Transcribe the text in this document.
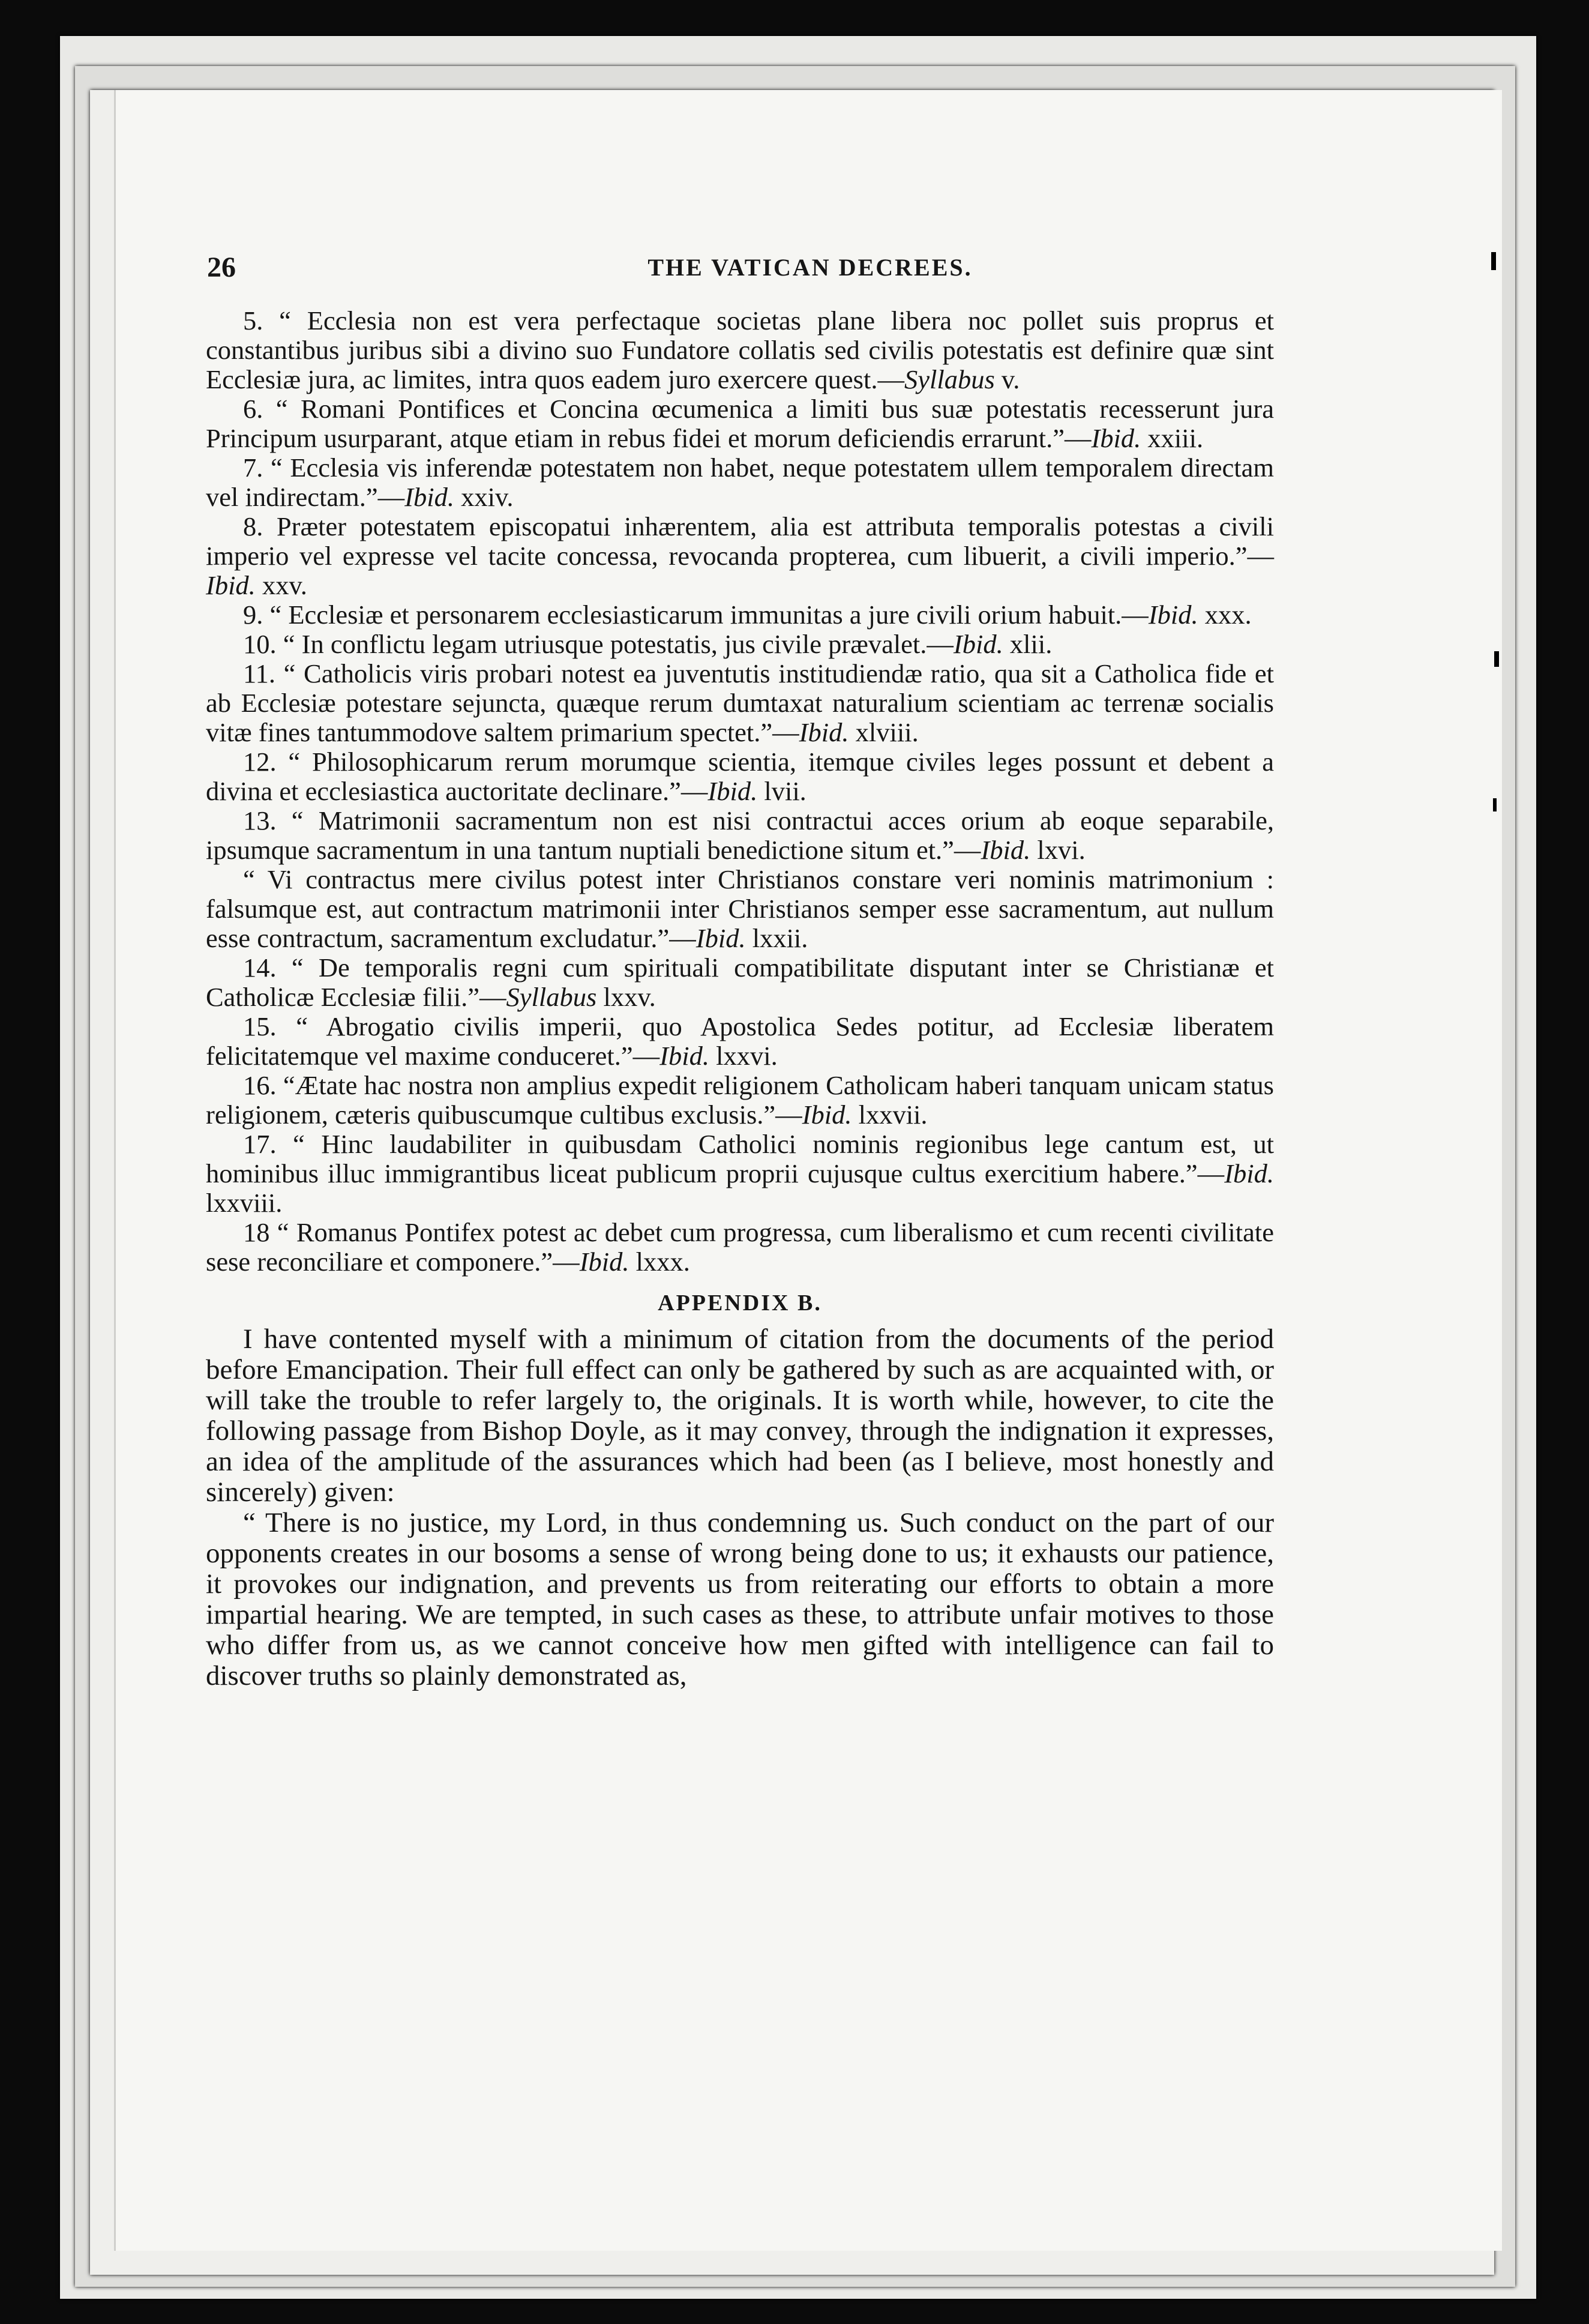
26	THE VATICAN DECREES.

5. “ Ecclesia non est vera perfectaque societas plane libera noc pollet suis proprus et constantibus juribus sibi a divino suo Fundatore collatis sed civilis potestatis est definire quæ sint Ecclesiæ jura, ac limites, intra quos eadem juro exercere quest.—Syllabus v.

6. “ Romani Pontifices et Concina œcumenica a limiti bus suæ potestatis recesserunt jura Principum usurparant, atque etiam in rebus fidei et morum deficiendis errarunt.”—Ibid. xxiii.

7. “ Ecclesia vis inferendæ potestatem non habet, neque potestatem ullem temporalem directam vel indirectam.”—Ibid. xxiv.

8. Præter potestatem episcopatui inhærentem, alia est attributa temporalis potestas a civili imperio vel expresse vel tacite concessa, revocanda propterea, cum libuerit, a civili imperio.”—Ibid. xxv.

9. “ Ecclesiæ et personarem ecclesiasticarum immunitas a jure civili orium habuit.—Ibid. xxx.

10. “ In conflictu legam utriusque potestatis, jus civile prævalet.—Ibid. xlii.

11. “ Catholicis viris probari notest ea juventutis institudiendæ ratio, qua sit a Catholica fide et ab Ecclesiæ potestare sejuncta, quæque rerum dumtaxat naturalium scientiam ac terrenæ socialis vitæ fines tantummodove saltem primarium spectet.”—Ibid. xlviii.

12. “ Philosophicarum rerum morumque scientia, itemque civiles leges possunt et debent a divina et ecclesiastica auctoritate declinare.”—Ibid. lvii.

13. “ Matrimonii sacramentum non est nisi contractui acces orium ab eoque separabile, ipsumque sacramentum in una tantum nuptiali benedictione situm et.”—Ibid. lxvi.

“ Vi contractus mere civilus potest inter Christianos constare veri nominis matrimonium : falsumque est, aut contractum matrimonii inter Christianos semper esse sacramentum, aut nullum esse contractum, sacramentum excludatur.”—Ibid. lxxii.

14. “ De temporalis regni cum spirituali compatibilitate disputant inter se Christianæ et Catholicæ Ecclesiæ filii.”—Syllabus lxxv.

15. “ Abrogatio civilis imperii, quo Apostolica Sedes potitur, ad Ecclesiæ liberatem felicitatemque vel maxime conduceret.”—Ibid. lxxvi.

16. “Ætate hac nostra non amplius expedit religionem Catholicam haberi tanquam unicam status religionem, cæteris quibuscumque cultibus exclusis.”—Ibid. lxxvii.

17. “ Hinc laudabiliter in quibusdam Catholici nominis regionibus lege cantum est, ut hominibus illuc immigrantibus liceat publicum proprii cujusque cultus exercitium habere.”—Ibid. lxxviii.

18 “ Romanus Pontifex potest ac debet cum progressa, cum liberalismo et cum recenti civilitate sese reconciliare et componere.”—Ibid. lxxx.

APPENDIX B.

I have contented myself with a minimum of citation from the documents of the period before Emancipation. Their full effect can only be gathered by such as are acquainted with, or will take the trouble to refer largely to, the originals. It is worth while, however, to cite the following passage from Bishop Doyle, as it may convey, through the indignation it expresses, an idea of the amplitude of the assurances which had been (as I believe, most honestly and sincerely) given:

“ There is no justice, my Lord, in thus condemning us. Such conduct on the part of our opponents creates in our bosoms a sense of wrong being done to us; it exhausts our patience, it provokes our indignation, and prevents us from reiterating our efforts to obtain a more impartial hearing. We are tempted, in such cases as these, to attribute unfair motives to those who differ from us, as we cannot conceive how men gifted with intelligence can fail to discover truths so plainly demonstrated as,
